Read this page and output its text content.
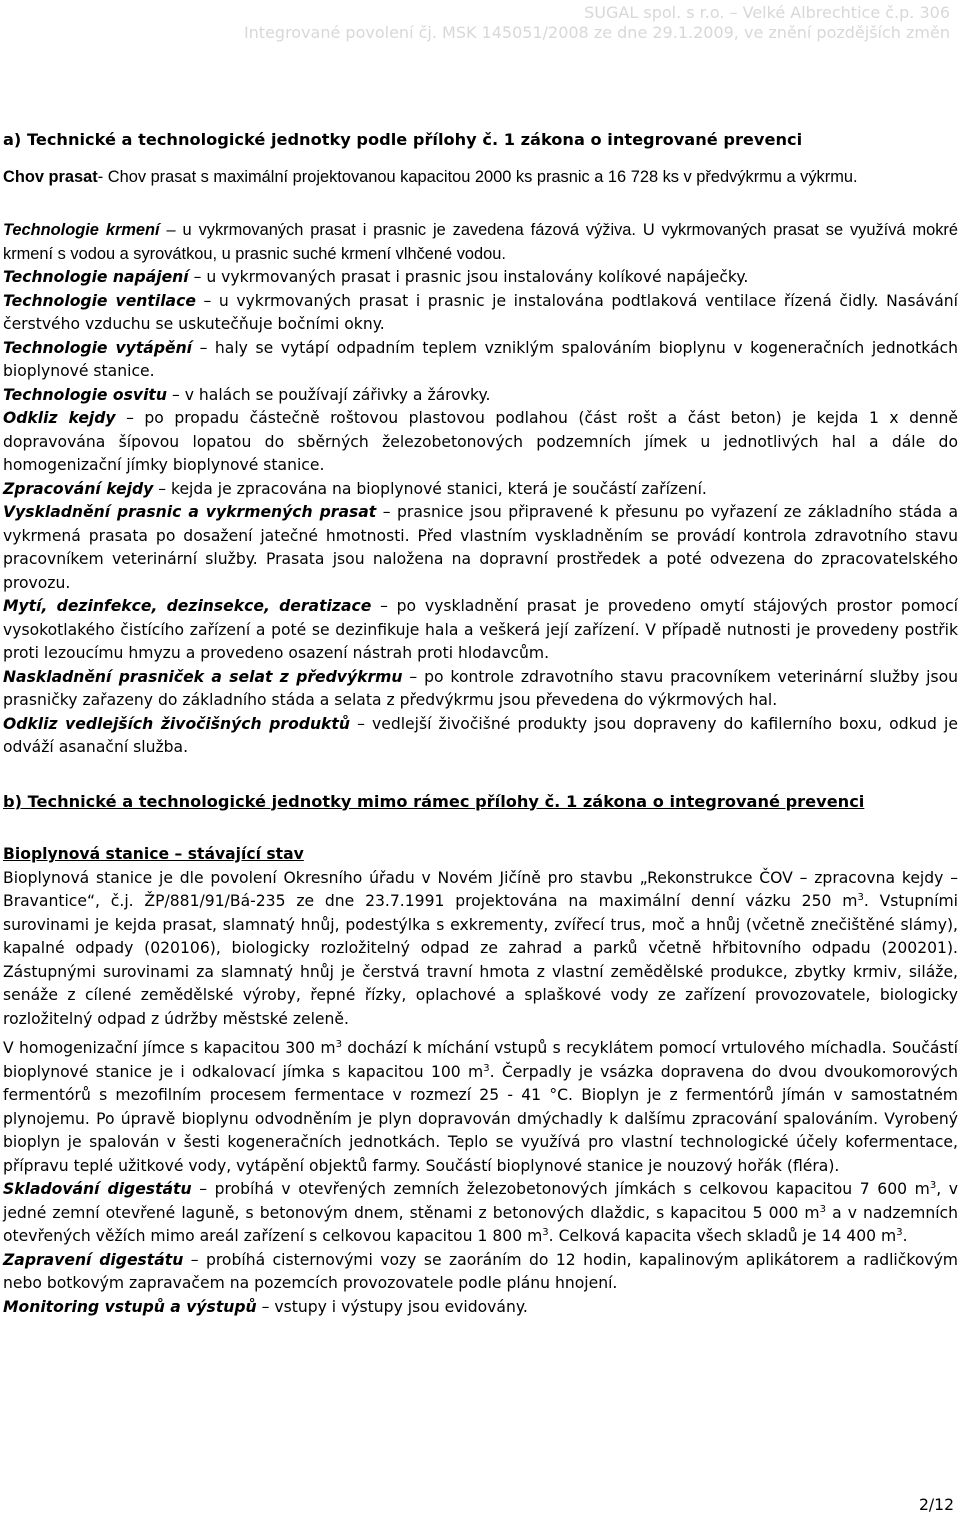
SUGAL spol. s r.o. – Velké Albrechtice č.p. 306
Integrované povolení čj. MSK 145051/2008 ze dne 29.1.2009, ve znění pozdějších změn

a) Technické a technologické jednotky podle přílohy č. 1 zákona o integrované prevenci

Chov prasat- Chov prasat s maximální projektovanou kapacitou 2000 ks prasnic a 16 728 ks v předvýkrmu a výkrmu.

Technologie krmení – u vykrmovaných prasat i prasnic je zavedena fázová výživa. U vykrmovaných prasat se využívá mokré krmení s vodou a syrovátkou, u prasnic suché krmení vlhčené vodou.

Technologie napájení – u vykrmovaných prasat i prasnic jsou instalovány kolíkové napáječky.

Technologie ventilace – u vykrmovaných prasat i prasnic je instalována podtlaková ventilace řízená čidly. Nasávání čerstvého vzduchu se uskutečňuje bočními okny.

Technologie vytápění – haly se vytápí odpadním teplem vzniklým spalováním bioplynu v kogeneračních jednotkách bioplynové stanice.

Technologie osvitu – v halách se používají zářivky a žárovky.

Odkliz kejdy – po propadu částečně roštovou plastovou podlahou (část rošt a část beton) je kejda 1 x denně dopravována šípovou lopatou do sběrných železobetonových podzemních jímek u jednotlivých hal a dále do homogenizační jímky bioplynové stanice.

Zpracování kejdy – kejda je zpracována na bioplynové stanici, která je součástí zařízení.

Vyskladnění prasnic a vykrmených prasat – prasnice jsou připravené k přesunu po vyřazení ze základního stáda a vykrmená prasata po dosažení jatečné hmotnosti. Před vlastním vyskladněním se provádí kontrola zdravotního stavu pracovníkem veterinární služby. Prasata jsou naložena na dopravní prostředek a poté odvezena do zpracovatelského provozu.

Mytí, dezinfekce, dezinsekce, deratizace – po vyskladnění prasat je provedeno omytí stájových prostor pomocí vysokotlakého čistícího zařízení a poté se dezinfikuje hala a veškerá její zařízení. V případě nutnosti je provedeny postřik proti lezoucímu hmyzu a provedeno osazení nástrah proti hlodavcům.

Naskladnění prasniček a selat z předvýkrmu – po kontrole zdravotního stavu pracovníkem veterinární služby jsou prasničky zařazeny do základního stáda a selata z předvýkrmu jsou převedena do výkrmových hal.

Odkliz vedlejších živočišných produktů – vedlejší živočišné produkty jsou dopraveny do kafilerního boxu, odkud je odváží asanační služba.

b) Technické a technologické jednotky mimo rámec přílohy č. 1 zákona o integrované prevenci

Bioplynová stanice – stávající stav

Bioplynová stanice je dle povolení Okresního úřadu v Novém Jičíně pro stavbu „Rekonstrukce ČOV – zpracovna kejdy – Bravantice“, č.j. ŽP/881/91/Bá-235 ze dne 23.7.1991 projektována na maximální denní vázku 250 $m^3$. Vstupními surovinami je kejda prasat, slamnatý hnůj, podestýlka s exkrementy, zvířecí trus, moč a hnůj (včetně znečištěné slámy), kapalné odpady (020106), biologicky rozložitelný odpad ze zahrad a parků včetně hřbitovního odpadu (200201). Zástupnými surovinami za slamnatý hnůj je čerstvá travní hmota z vlastní zemědělské produkce, zbytky krmiv, siláže, senáže z cílené zemědělské výroby, řepné řízky, oplachové a splaškové vody ze zařízení provozovatele, biologicky rozložitelný odpad z údržby městské zeleně.

V homogenizační jímce s kapacitou 300 $m^3$ dochází k míchání vstupů s recyklátem pomocí vrtulového míchadla. Součástí bioplynové stanice je i odkalovací jímka s kapacitou 100 $m^3$. Čerpadly je vsázka dopravena do dvou dvoukomorových fermentórů s mezofilním procesem fermentace v rozmezí 25 - 41 °C. Bioplyn je z fermentórů jímán v samostatném plynojemu. Po úpravě bioplynu odvodněním je plyn dopravován dmýchadly k dalšímu zpracování spalováním. Vyrobený bioplyn je spalován v šesti kogeneračních jednotkách. Teplo se využívá pro vlastní technologické účely kofermentace, přípravu teplé užitkové vody, vytápění objektů farmy. Součástí bioplynové stanice je nouzový hořák (fléra).

Skladování digestátu – probíhá v otevřených zemních železobetonových jímkách s celkovou kapacitou 7 600 $m^3$, v jedné zemní otevřené laguně, s betonovým dnem, stěnami z betonových dlaždic, s kapacitou 5 000 $m^3$ a v nadzemních otevřených věžích mimo areál zařízení s celkovou kapacitou 1 800 $m^3$. Celková kapacita všech skladů je 14 400 $m^3$.

Zapravení digestátu – probíhá cisternovými vozy se zaoráním do 12 hodin, kapalinovým aplikátorem a radličkovým nebo botkovým zapravačem na pozemcích provozovatele podle plánu hnojení.

Monitoring vstupů a výstupů – vstupy i výstupy jsou evidovány.

2/12
